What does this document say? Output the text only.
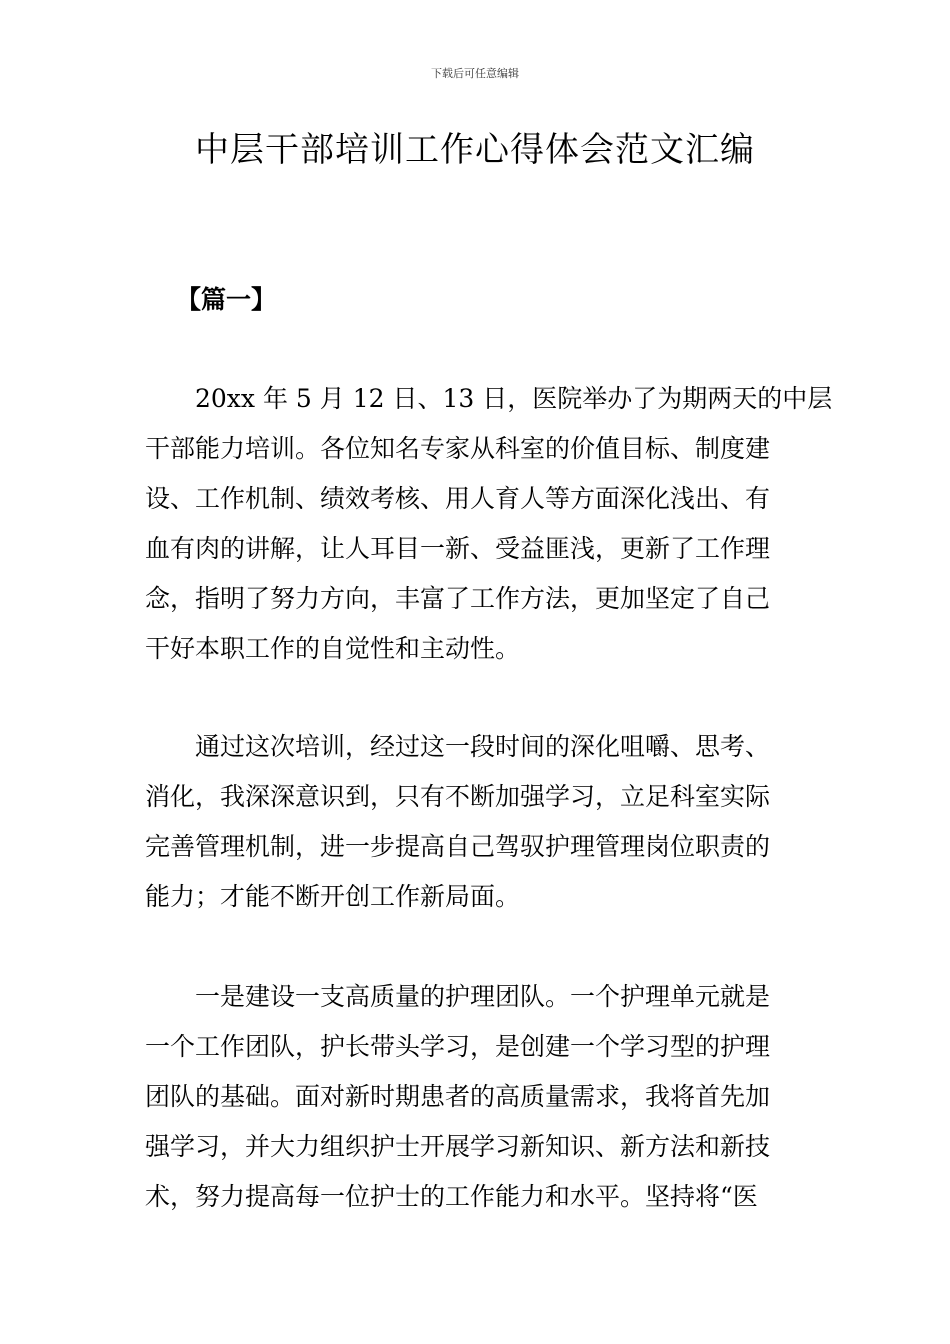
下载后可任意编辑
中层干部培训工作心得体会范文汇编

【篇一】

　　20xx 年 5 月 12 日、13 日，医院举办了为期两天的中层
干部能力培训。各位知名专家从科室的价值目标、制度建
设、工作机制、绩效考核、用人育人等方面深化浅出、有
血有肉的讲解，让人耳目一新、受益匪浅，更新了工作理
念，指明了努力方向，丰富了工作方法，更加坚定了自己
干好本职工作的自觉性和主动性。

　　通过这次培训，经过这一段时间的深化咀嚼、思考、
消化，我深深意识到，只有不断加强学习，立足科室实际
完善管理机制，进一步提高自己驾驭护理管理岗位职责的
能力；才能不断开创工作新局面。

　　一是建设一支高质量的护理团队。一个护理单元就是
一个工作团队，护长带头学习，是创建一个学习型的护理
团队的基础。面对新时期患者的高质量需求，我将首先加
强学习，并大力组织护士开展学习新知识、新方法和新技
术，努力提高每一位护士的工作能力和水平。坚持将“医
